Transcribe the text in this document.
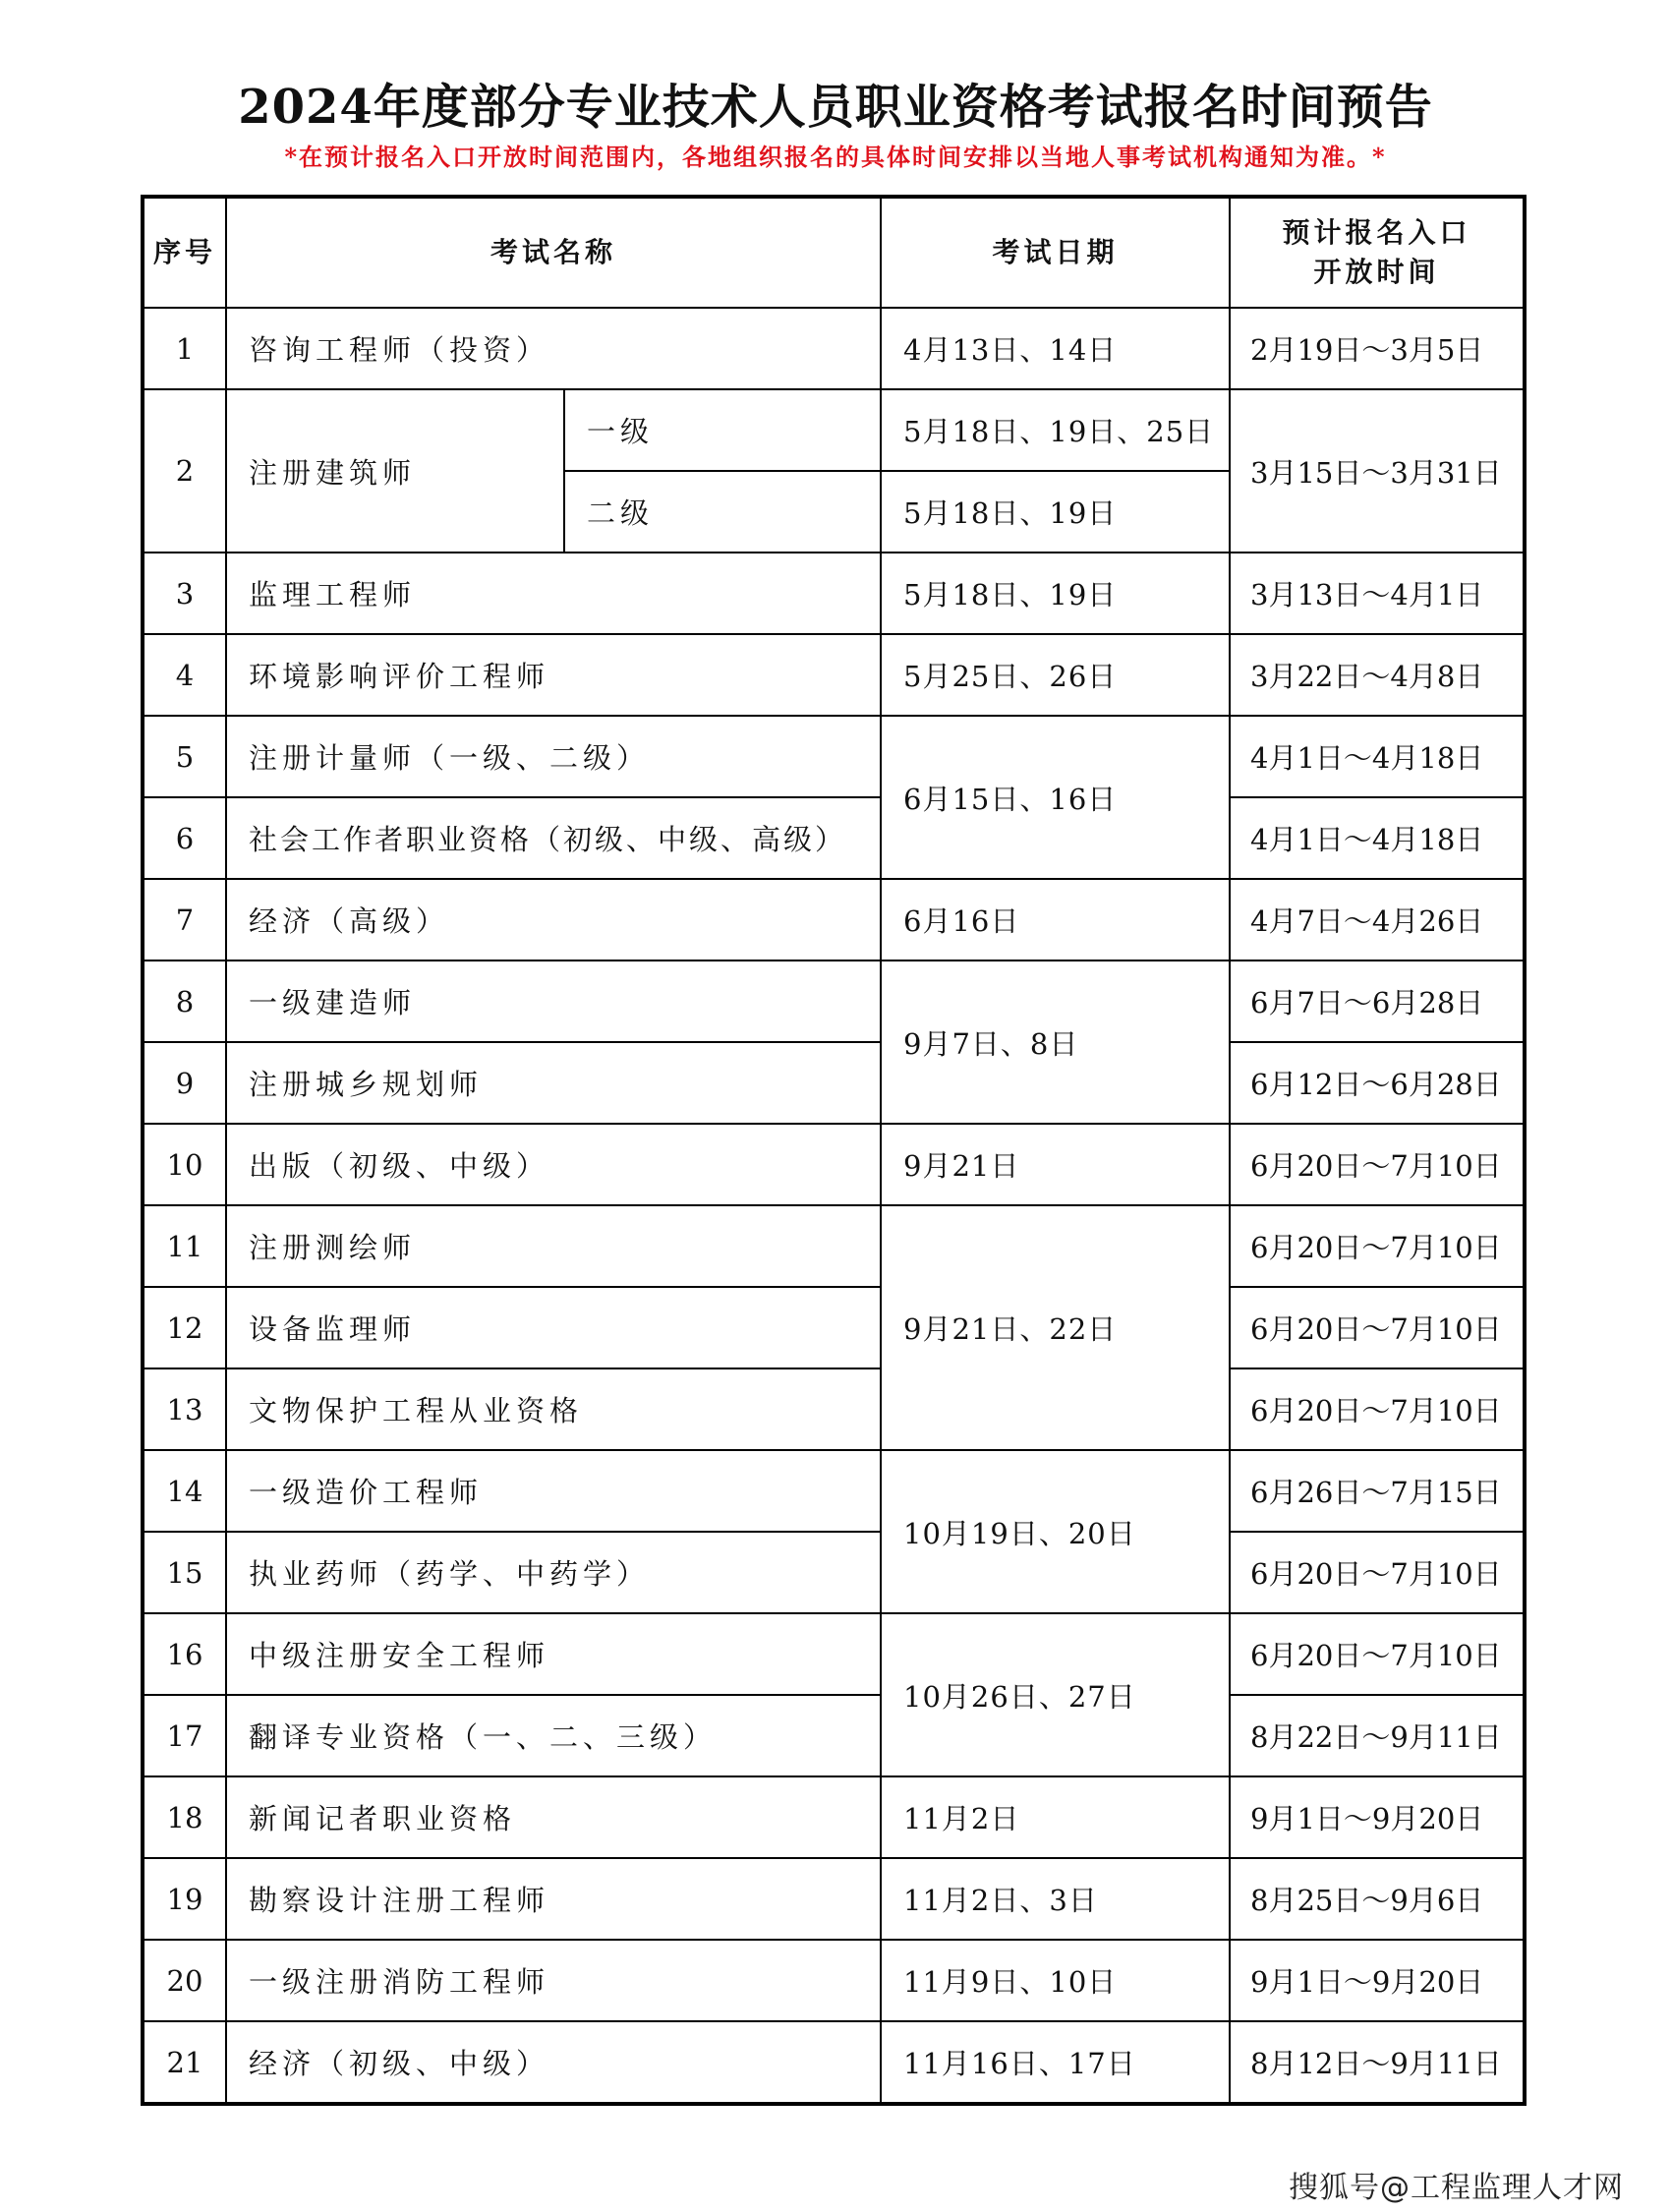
2024年度部分专业技术人员职业资格考试报名时间预告
*在预计报名入口开放时间范围内，各地组织报名的具体时间安排以当地人事考试机构通知为准。*
序号	考试名称		考试日期	预计报名入口
开放时间

1	咨询工程师（投资）		4月13日、14日	2月19日～3月5日
2	注册建筑师	一级	5月18日、19日、25日	3月15日～3月31日
		二级	5月18日、19日	
3	监理工程师		5月18日、19日	3月13日～4月1日
4	环境影响评价工程师		5月25日、26日	3月22日～4月8日
5	注册计量师（一级、二级）		6月15日、16日	4月1日～4月18日
6	社会工作者职业资格（初级、中级、高级）			4月1日～4月18日
7	经济（高级）		6月16日	4月7日～4月26日
8	一级建造师		9月7日、8日	6月7日～6月28日
9	注册城乡规划师			6月12日～6月28日
10	出版（初级、中级）		9月21日	6月20日～7月10日
11	注册测绘师		9月21日、22日	6月20日～7月10日
12	设备监理师			6月20日～7月10日
13	文物保护工程从业资格			6月20日～7月10日
14	一级造价工程师		10月19日、20日	6月26日～7月15日
15	执业药师（药学、中药学）			6月20日～7月10日
16	中级注册安全工程师		10月26日、27日	6月20日～7月10日
17	翻译专业资格（一、二、三级）			8月22日～9月11日
18	新闻记者职业资格		11月2日	9月1日～9月20日
19	勘察设计注册工程师		11月2日、3日	8月25日～9月6日
20	一级注册消防工程师		11月9日、10日	9月1日～9月20日
21	经济（初级、中级）		11月16日、17日	8月12日～9月11日
搜狐号@工程监理人才网
